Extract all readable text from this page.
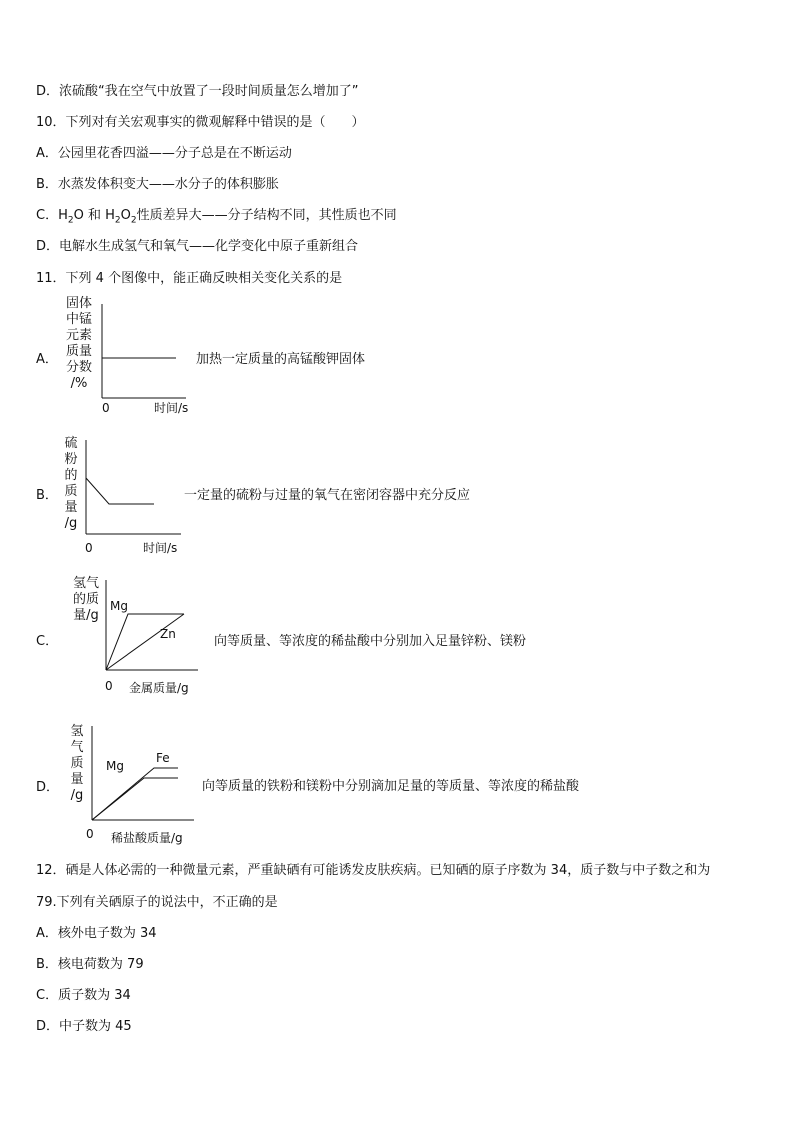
D．浓硫酸“我在空气中放置了一段时间质量怎么增加了”
10．下列对有关宏观事实的微观解释中错误的是（　　）
A．公园里花香四溢——分子总是在不断运动
B．水蒸发体积变大——水分子的体积膨胀
C．$H_2O$ 和 $H_2O_2$性质差异大——分子结构不同，其性质也不同
D．电解水生成氢气和氧气——化学变化中原子重新组合
11．下列 4 个图像中，能正确反映相关变化关系的是
A．
固体
中锰
元素
质量
分数
/%
0	时间/s
加热一定质量的高锰酸钾固体
B．
硫
粉
的
质
量
/g
0	时间/s
一定量的硫粉与过量的氧气在密闭容器中充分反应
C．
氢气
的质
量/g
Mg
Zn
0 金属质量/g
向等质量、等浓度的稀盐酸中分别加入足量锌粉、镁粉
D．
氢
气
质
量
/g
Mg
Fe
0 稀盐酸质量/g
向等质量的铁粉和镁粉中分别滴加足量的等质量、等浓度的稀盐酸
12．硒是人体必需的一种微量元素，严重缺硒有可能诱发皮肤疾病。已知硒的原子序数为 34，质子数与中子数之和为
79.下列有关硒原子的说法中，不正确的是
A．核外电子数为 34
B．核电荷数为 79
C．质子数为 34
D．中子数为 45
